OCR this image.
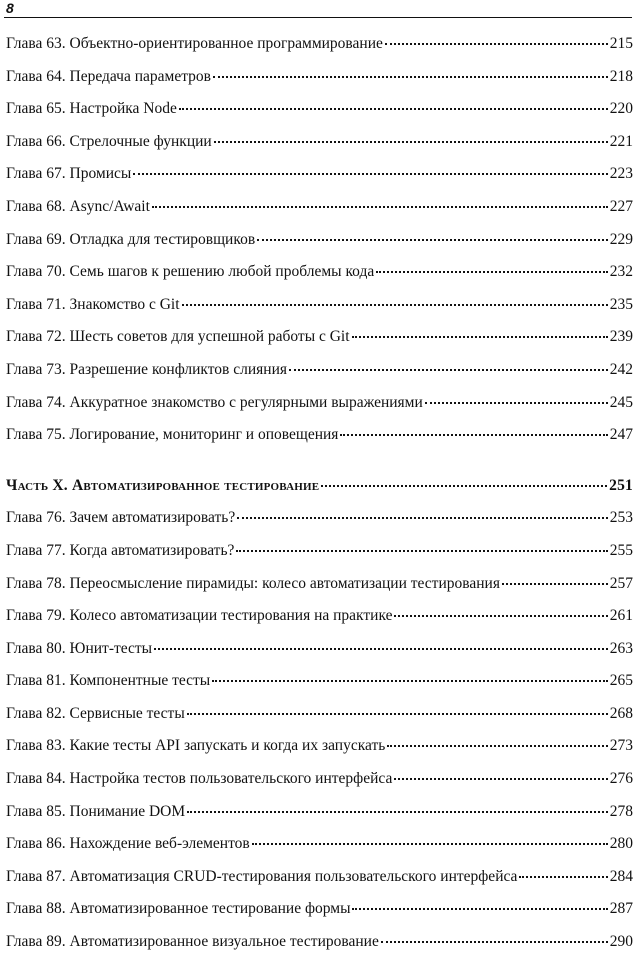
8
Глава 63. Объектно-ориентированное программирование	215
Глава 64. Передача параметров	218
Глава 65. Настройка Node	220
Глава 66. Стрелочные функции	221
Глава 67. Промисы	223
Глава 68. Async/Await	227
Глава 69. Отладка для тестировщиков	229
Глава 70. Семь шагов к решению любой проблемы кода	232
Глава 71. Знакомство с Git	235
Глава 72. Шесть советов для успешной работы с Git	239
Глава 73. Разрешение конфликтов слияния	242
Глава 74. Аккуратное знакомство с регулярными выражениями	245
Глава 75. Логирование, мониторинг и оповещения	247
Часть X. Автоматизированное тестирование	251
Глава 76. Зачем автоматизировать?	253
Глава 77. Когда автоматизировать?	255
Глава 78. Переосмысление пирамиды: колесо автоматизации тестирования	257
Глава 79. Колесо автоматизации тестирования на практике	261
Глава 80. Юнит-тесты	263
Глава 81. Компонентные тесты	265
Глава 82. Сервисные тесты	268
Глава 83. Какие тесты API запускать и когда их запускать	273
Глава 84. Настройка тестов пользовательского интерфейса	276
Глава 85. Понимание DOM	278
Глава 86. Нахождение веб-элементов	280
Глава 87. Автоматизация CRUD-тестирования пользовательского интерфейса	284
Глава 88. Автоматизированное тестирование формы	287
Глава 89. Автоматизированное визуальное тестирование	290
